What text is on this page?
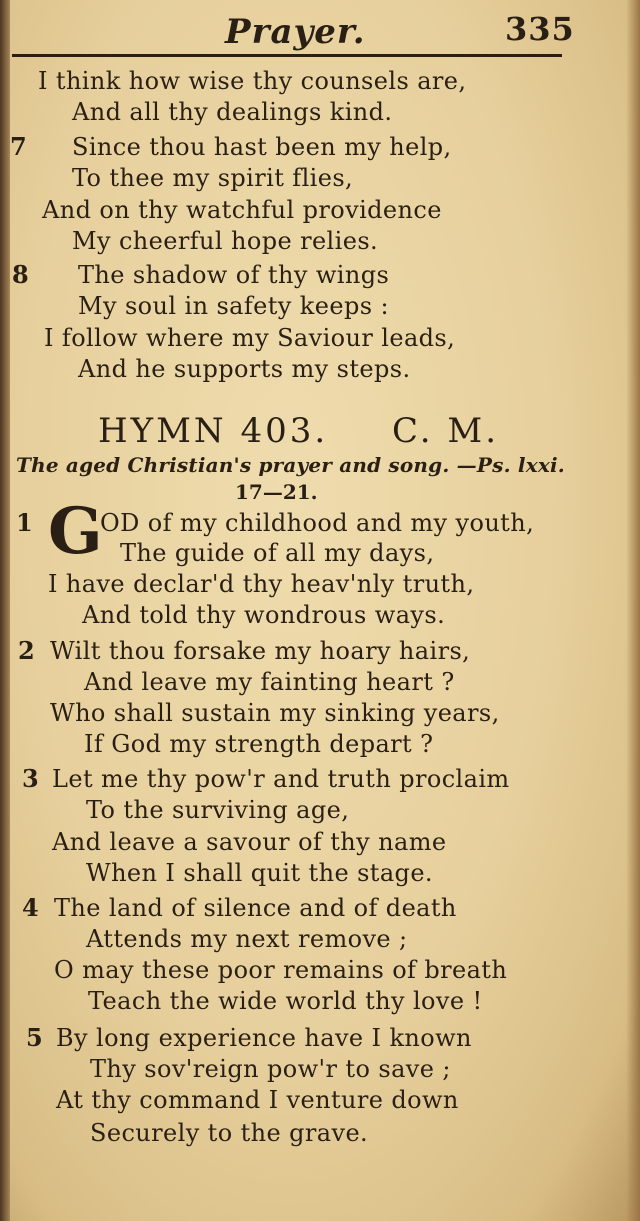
Prayer.	335
I think how wise thy counsels are,
And all thy dealings kind.
7 Since thou hast been my help,
To thee my spirit flies,
And on thy watchful providence
My cheerful hope relies.
8 The shadow of thy wings
My soul in safety keeps :
I follow where my Saviour leads,
And he supports my steps.
HYMN 403. C. M.
The aged Christian's prayer and song. —Ps. lxxi.
17—21.
1 G
OD of my childhood and my youth,
The guide of all my days,
I have declar'd thy heav'nly truth,
And told thy wondrous ways.
2 Wilt thou forsake my hoary hairs,
And leave my fainting heart ?
Who shall sustain my sinking years,
If God my strength depart ?
3 Let me thy pow'r and truth proclaim
To the surviving age,
And leave a savour of thy name
When I shall quit the stage.
4 The land of silence and of death
Attends my next remove ;
O may these poor remains of breath
Teach the wide world thy love !
5 By long experience have I known
Thy sov'reign pow'r to save ;
At thy command I venture down
Securely to the grave.
